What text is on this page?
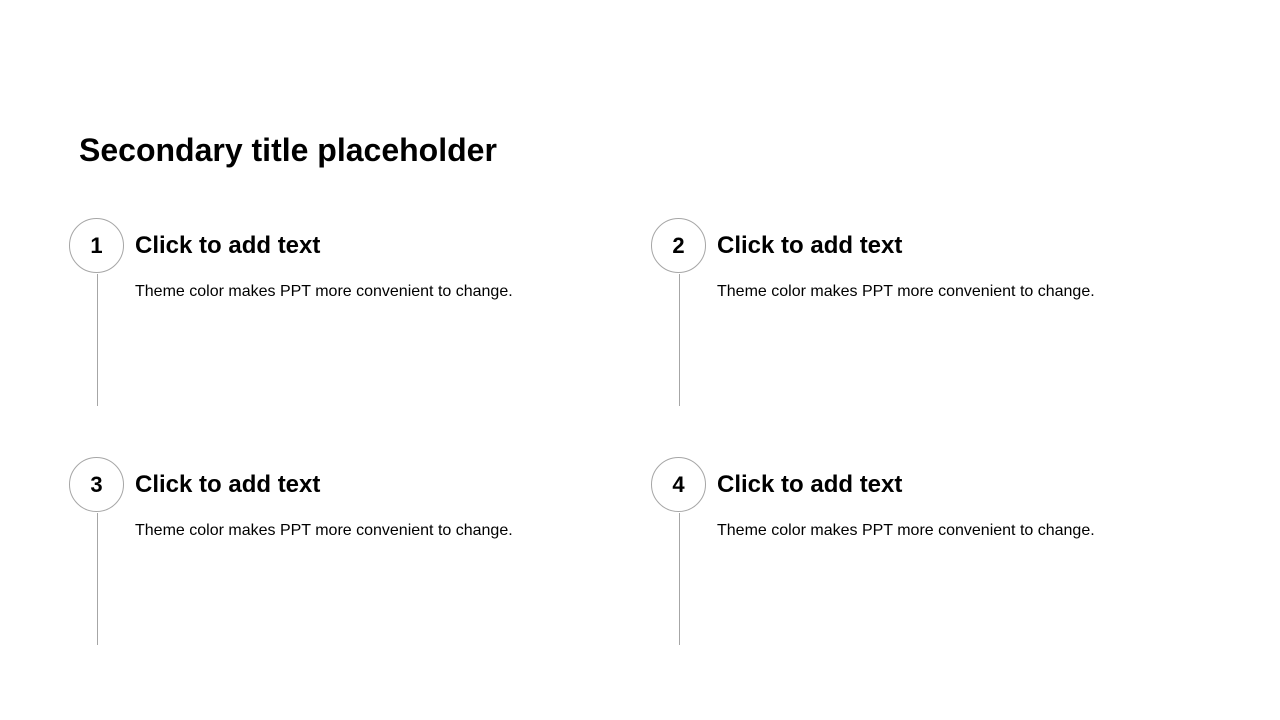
Secondary title placeholder
1	Click to add text
Theme color makes PPT more convenient to change.
2	Click to add text
Theme color makes PPT more convenient to change.
3	Click to add text
Theme color makes PPT more convenient to change.
4	Click to add text
Theme color makes PPT more convenient to change.
